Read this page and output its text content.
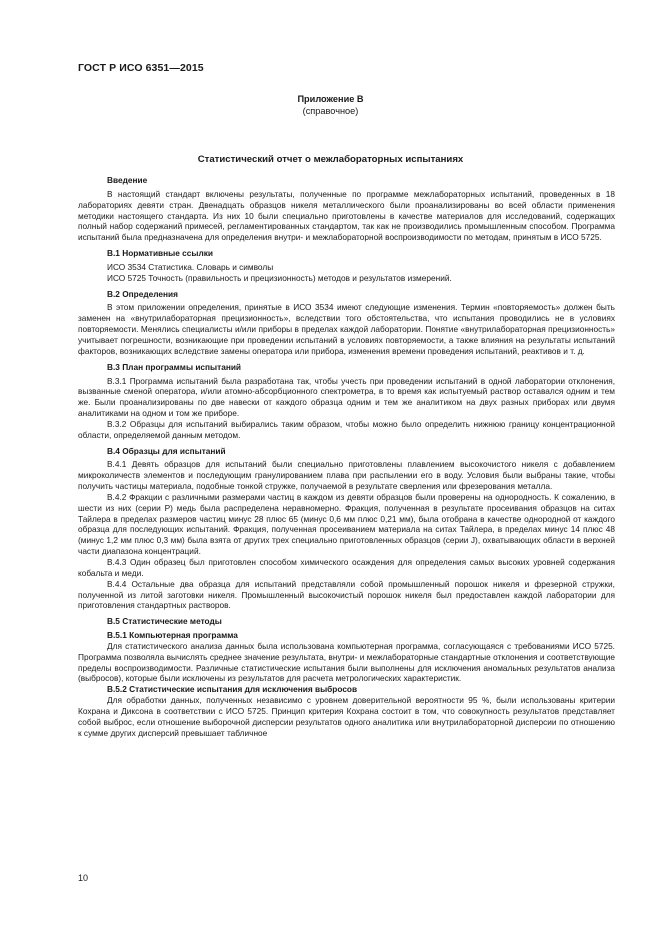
ГОСТ Р ИСО 6351—2015
Приложение В
(справочное)
Статистический отчет о межлабораторных испытаниях
Введение

В настоящий стандарт включены результаты, полученные по программе межлабораторных испытаний, проведенных в 18 лабораториях девяти стран. Двенадцать образцов никеля металлического были проанализированы во всей области применения методики настоящего стандарта. Из них 10 были специально приготовлены в качестве материалов для исследований, содержащих полный набор содержаний примесей, регламентированных стандартом, так как не производились промышленным способом. Программа испытаний была предназначена для определения внутри- и межлабораторной воспроизводимости по методам, принятым в ИСО 5725.

В.1 Нормативные ссылки
ИСО 3534 Статистика. Словарь и символы
ИСО 5725 Точность (правильность и прецизионность) методов и результатов измерений.
В.2 Определения

В этом приложении определения, принятые в ИСО 3534 имеют следующие изменения. Термин «повторяемость» должен быть заменен на «внутрилабораторная прецизионность», вследствии того обстоятельства, что испытания проводились не в условиях повторяемости. Менялись специалисты и/или приборы в пределах каждой лаборатории. Понятие «внутрилабораторная прецизионность» учитывает погрешности, возникающие при проведении испытаний в условиях повторяемости, а также влияния на результаты испытаний факторов, возникающих вследствие замены оператора или прибора, изменения времени проведения испытаний, реактивов и т. д.

В.3 План программы испытаний

В.3.1 Программа испытаний была разработана так, чтобы учесть при проведении испытаний в одной лаборатории отклонения, вызванные сменой оператора, и/или атомно-абсорбционного спектрометра, в то время как испытуемый раствор оставался одним и тем же. Были проанализированы по две навески от каждого образца одним и тем же аналитиком на двух разных приборах или двумя аналитиками на одном и том же приборе.

В.3.2 Образцы для испытаний выбирались таким образом, чтобы можно было определить нижнюю границу концентрационной области, определяемой данным методом.

В.4 Образцы для испытаний

В.4.1 Девять образцов для испытаний были специально приготовлены плавлением высокочистого никеля с добавлением микроколичеств элементов и последующим гранулированием плава при распылении его в воду. Условия были выбраны такие, чтобы получить частицы материала, подобные тонкой стружке, получаемой в результате сверления или фрезерования металла.

В.4.2 Фракции с различными размерами частиц в каждом из девяти образцов были проверены на однородность. К сожалению, в шести из них (серии Р) медь была распределена неравномерно. Фракция, полученная в результате просеивания образцов на ситах Тайлера в пределах размеров частиц минус 28 плюс 65 (минус 0,6 мм плюс 0,21 мм), была отобрана в качестве однородной от каждого образца для последующих испытаний. Фракция, полученная просеиванием материала на ситах Тайлера, в пределах минус 14 плюс 48 (минус 1,2 мм плюс 0,3 мм) была взята от других трех специально приготовленных образцов (серии J), охватывающих области в верхней части диапазона концентраций.

В.4.3 Один образец был приготовлен способом химического осаждения для определения самых высоких уровней содержания кобальта и меди.

В.4.4 Остальные два образца для испытаний представляли собой промышленный порошок никеля и фрезерной стружки, полученной из литой заготовки никеля. Промышленный высокочистый порошок никеля был предоставлен каждой лаборатории для приготовления стандартных растворов.

В.5 Статистические методы
В.5.1 Компьютерная программа

Для статистического анализа данных была использована компьютерная программа, согласующаяся с требованиями ИСО 5725. Программа позволяла вычислять среднее значение результата, внутри- и межлабораторные стандартные отклонения и соответствующие пределы воспроизводимости. Различные статистические испытания были выполнены для исключения аномальных результатов анализа (выбросов), которые были исключены из результатов для расчета метрологических характеристик.

В.5.2 Статистические испытания для исключения выбросов

Для обработки данных, полученных независимо с уровнем доверительной вероятности 95 %, были использованы критерии Кохрана и Диксона в соответствии с ИСО 5725. Принцип критерия Кохрана состоит в том, что совокупность результатов представляет собой выброс, если отношение выборочной дисперсии результатов одного аналитика или внутрилабораторной дисперсии по отношению к сумме других дисперсий превышает табличное

10
